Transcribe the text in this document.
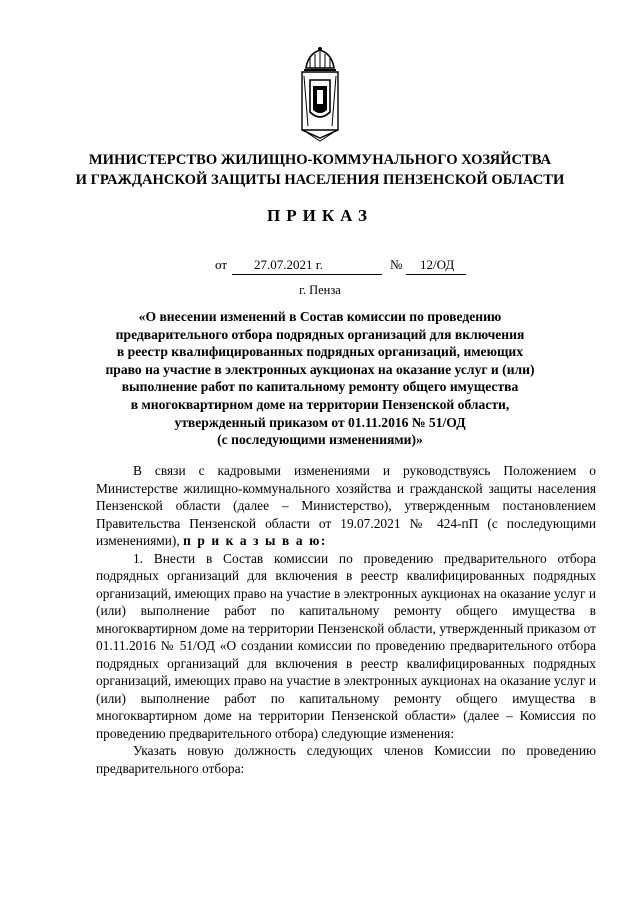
МИНИСТЕРСТВО ЖИЛИЩНО-КОММУНАЛЬНОГО ХОЗЯЙСТВА
И ГРАЖДАНСКОЙ ЗАЩИТЫ НАСЕЛЕНИЯ ПЕНЗЕНСКОЙ ОБЛАСТИ
ПРИКАЗ
от	27.07.2021 г.	№	12/ОД
г. Пенза
«О внесении изменений в Состав комиссии по проведению
предварительного отбора подрядных организаций для включения
в реестр квалифицированных подрядных организаций, имеющих
право на участие в электронных аукционах на оказание услуг и (или)
выполнение работ по капитальному ремонту общего имущества
в многоквартирном доме на территории Пензенской области,
утвержденный приказом от 01.11.2016 № 51/ОД
(с последующими изменениями)»

В связи с кадровыми изменениями и руководствуясь Положением о Министерстве жилищно-коммунального хозяйства и гражданской защиты населения Пензенской области (далее – Министерство), утвержденным постановлением Правительства Пензенской области от 19.07.2021 № 424-пП (с последующими изменениями), п р и к а з ы в а ю:

1. Внести в Состав комиссии по проведению предварительного отбора подрядных организаций для включения в реестр квалифицированных подрядных организаций, имеющих право на участие в электронных аукционах на оказание услуг и (или) выполнение работ по капитальному ремонту общего имущества в многоквартирном доме на территории Пензенской области, утвержденный приказом от 01.11.2016 № 51/ОД «О создании комиссии по проведению предварительного отбора подрядных организаций для включения в реестр квалифицированных подрядных организаций, имеющих право на участие в электронных аукционах на оказание услуг и (или) выполнение работ по капитальному ремонту общего имущества в многоквартирном доме на территории Пензенской области» (далее – Комиссия по проведению предварительного отбора) следующие изменения:

Указать новую должность следующих членов Комиссии по проведению предварительного отбора:
